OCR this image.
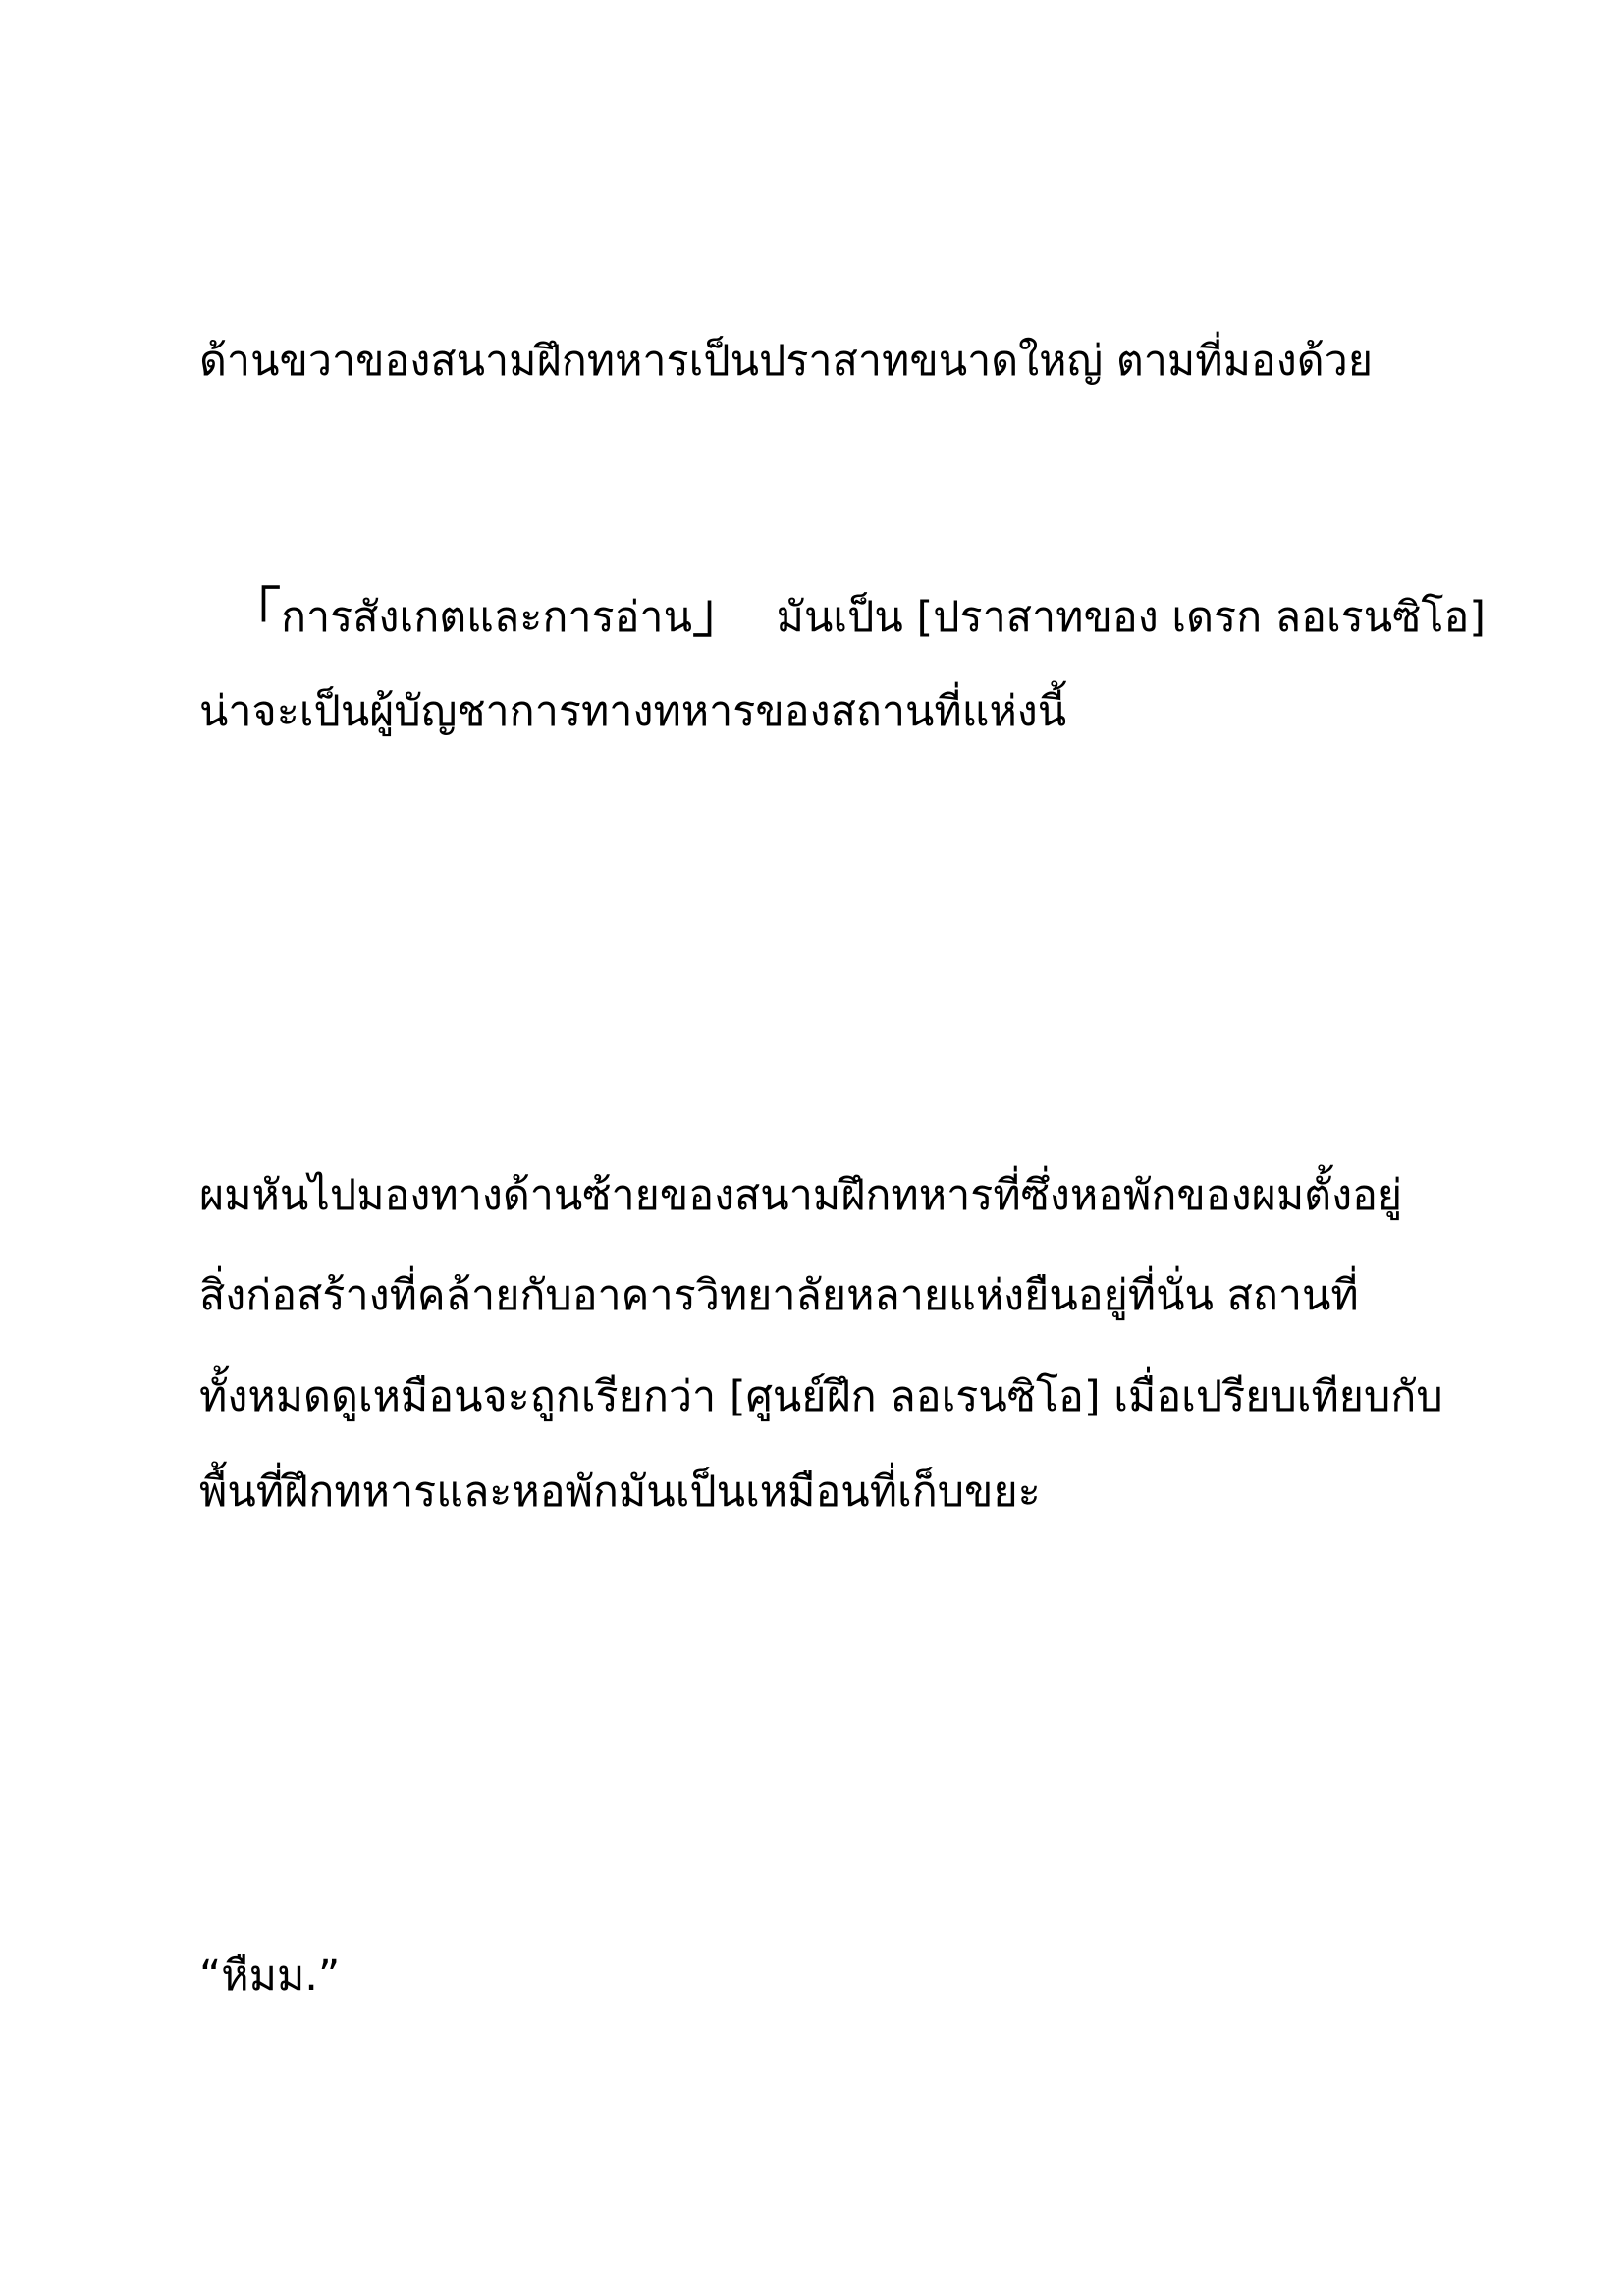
ด้านขวาของสนามฝึกทหารเป็นปราสาทขนาดใหญ่ ตามที่มองด้วย
「การสังเกตและการอ่าน」 มันเป็น [ปราสาทของ เดรก ลอเรนซิโอ]
น่าจะเป็นผู้บัญชาการทางทหารของสถานที่แห่งนี้
ผมหันไปมองทางด้านซ้ายของสนามฝึกทหารที่ซึ่งหอพักของผมตั้งอยู่
สิ่งก่อสร้างที่คล้ายกับอาคารวิทยาลัยหลายแห่งยืนอยู่ที่นั่น สถานที่
ทั้งหมดดูเหมือนจะถูกเรียกว่า [ศูนย์ฝึก ลอเรนซิโอ] เมื่อเปรียบเทียบกับ
พื้นที่ฝึกทหารและหอพักมันเป็นเหมือนที่เก็บขยะ
“หืมม.”
